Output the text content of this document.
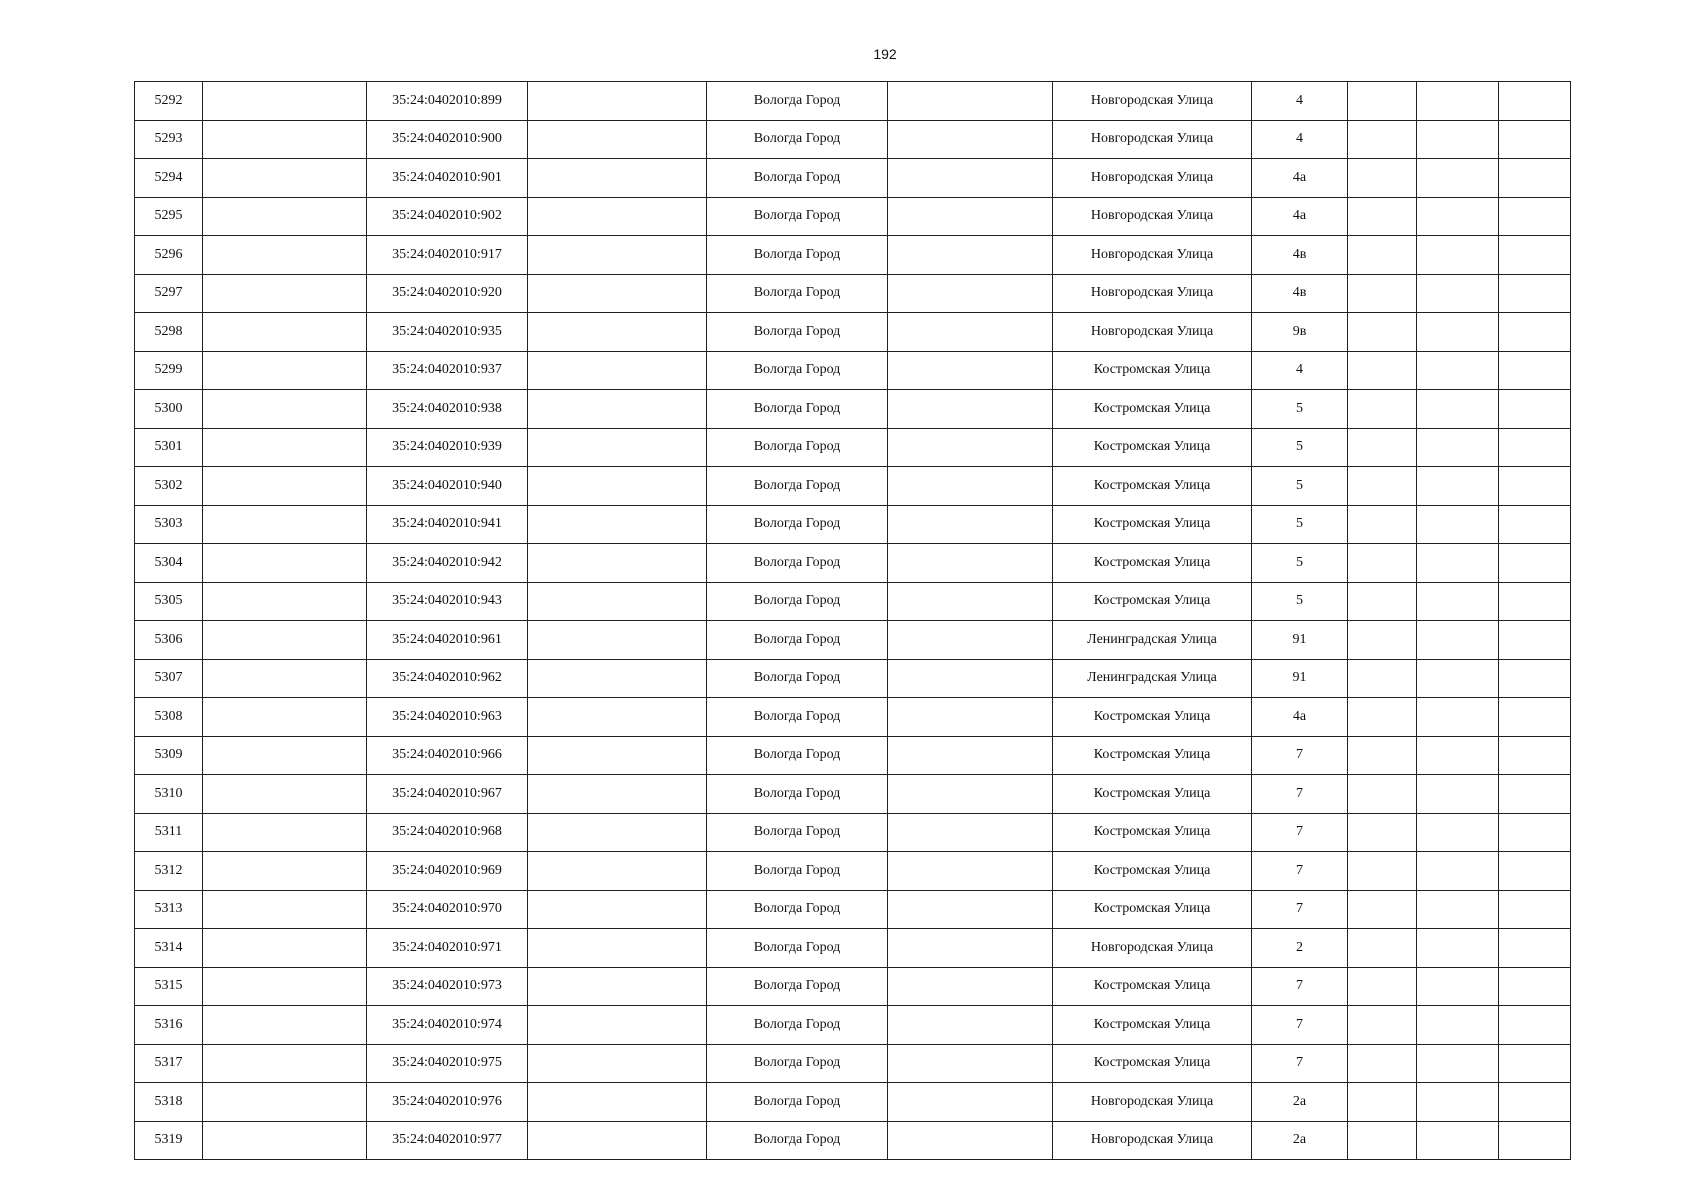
192
5292		35:24:0402010:899		Вологда Город		Новгородская Улица	4			
5293		35:24:0402010:900		Вологда Город		Новгородская Улица	4			
5294		35:24:0402010:901		Вологда Город		Новгородская Улица	4а			
5295		35:24:0402010:902		Вологда Город		Новгородская Улица	4а			
5296		35:24:0402010:917		Вологда Город		Новгородская Улица	4в			
5297		35:24:0402010:920		Вологда Город		Новгородская Улица	4в			
5298		35:24:0402010:935		Вологда Город		Новгородская Улица	9в			
5299		35:24:0402010:937		Вологда Город		Костромская Улица	4			
5300		35:24:0402010:938		Вологда Город		Костромская Улица	5			
5301		35:24:0402010:939		Вологда Город		Костромская Улица	5			
5302		35:24:0402010:940		Вологда Город		Костромская Улица	5			
5303		35:24:0402010:941		Вологда Город		Костромская Улица	5			
5304		35:24:0402010:942		Вологда Город		Костромская Улица	5			
5305		35:24:0402010:943		Вологда Город		Костромская Улица	5			
5306		35:24:0402010:961		Вологда Город		Ленинградская Улица	91			
5307		35:24:0402010:962		Вологда Город		Ленинградская Улица	91			
5308		35:24:0402010:963		Вологда Город		Костромская Улица	4а			
5309		35:24:0402010:966		Вологда Город		Костромская Улица	7			
5310		35:24:0402010:967		Вологда Город		Костромская Улица	7			
5311		35:24:0402010:968		Вологда Город		Костромская Улица	7			
5312		35:24:0402010:969		Вологда Город		Костромская Улица	7			
5313		35:24:0402010:970		Вологда Город		Костромская Улица	7			
5314		35:24:0402010:971		Вологда Город		Новгородская Улица	2			
5315		35:24:0402010:973		Вологда Город		Костромская Улица	7			
5316		35:24:0402010:974		Вологда Город		Костромская Улица	7			
5317		35:24:0402010:975		Вологда Город		Костромская Улица	7			
5318		35:24:0402010:976		Вологда Город		Новгородская Улица	2а			
5319		35:24:0402010:977		Вологда Город		Новгородская Улица	2а			
